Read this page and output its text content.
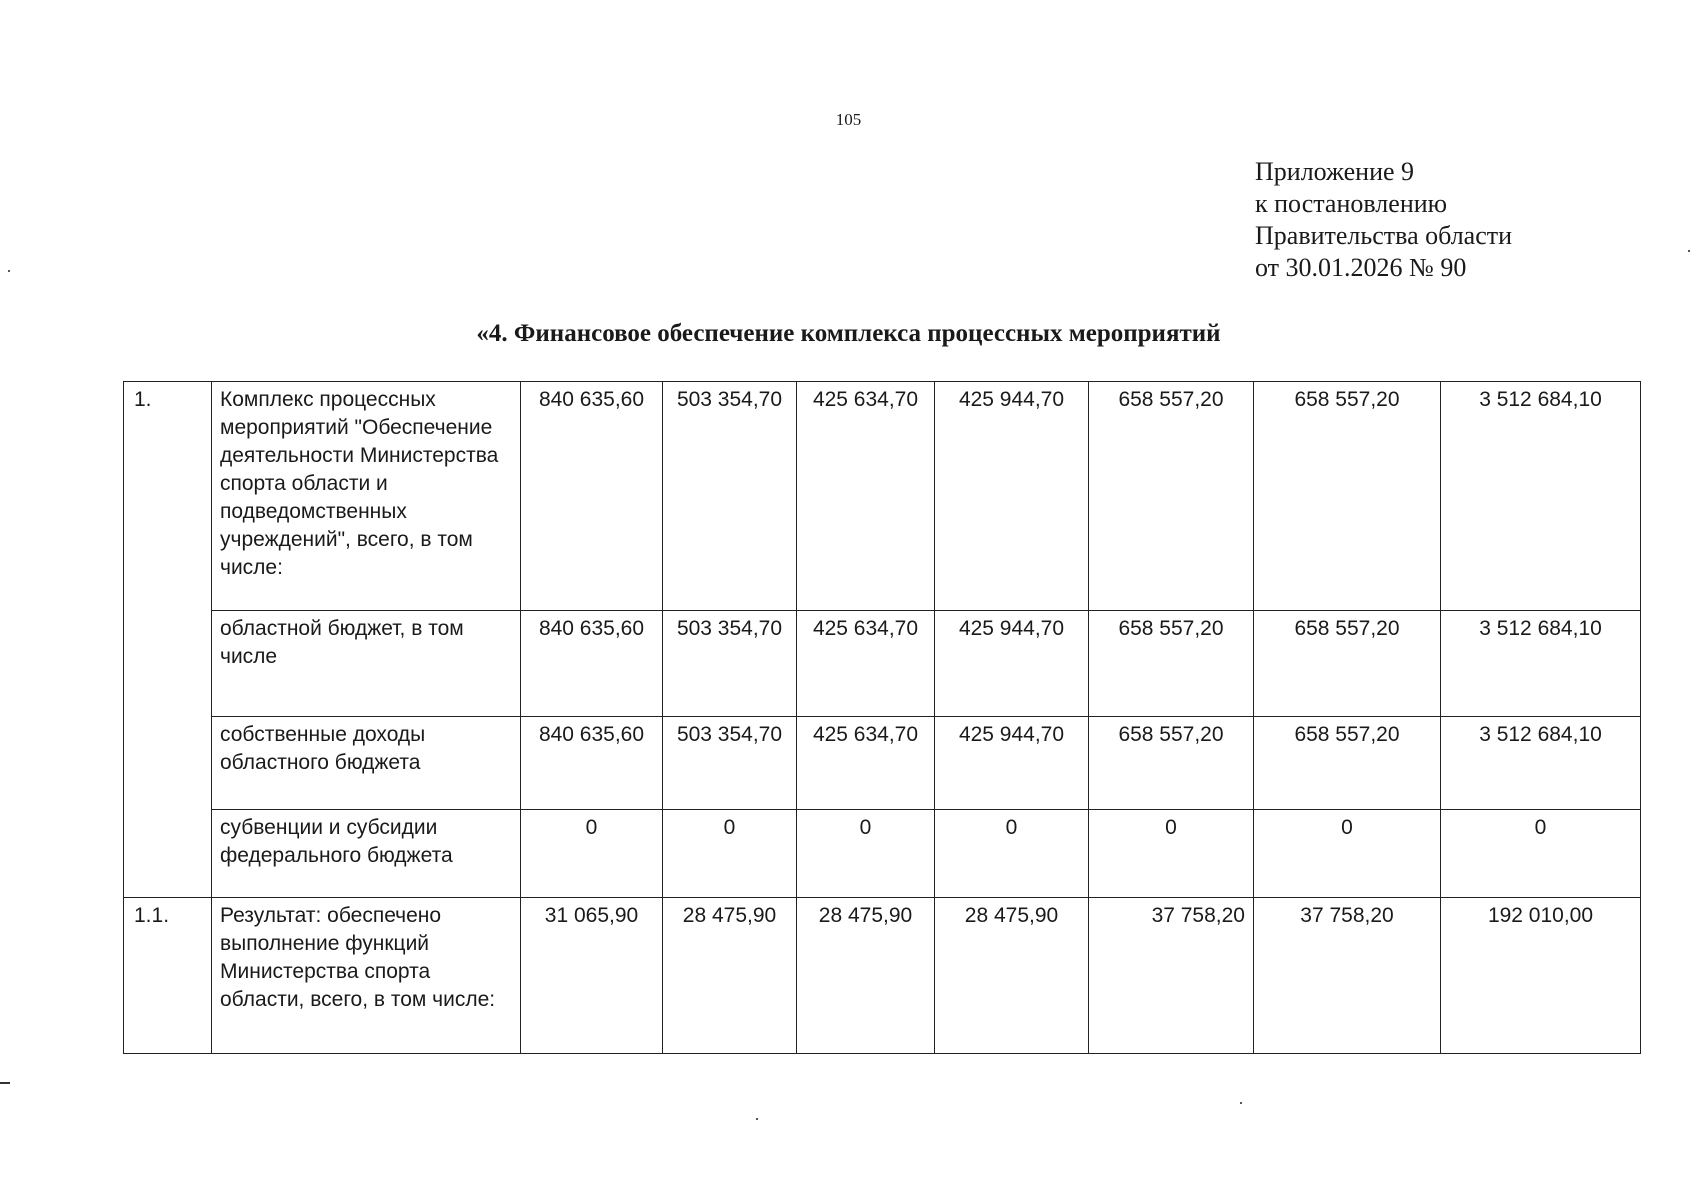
105
Приложение 9
к постановлению
Правительства области
от 30.01.2026 № 90
«4. Финансовое обеспечение комплекса процессных мероприятий
1.	Комплекс процессных мероприятий "Обеспечение деятельности Министерства спорта области и подведомственных учреждений", всего, в том числе:	840 635,60	503 354,70	425 634,70	425 944,70	658 557,20	658 557,20	3 512 684,10
	областной бюджет, в том числе	840 635,60	503 354,70	425 634,70	425 944,70	658 557,20	658 557,20	3 512 684,10
	собственные доходы областного бюджета	840 635,60	503 354,70	425 634,70	425 944,70	658 557,20	658 557,20	3 512 684,10
	субвенции и субсидии федерального бюджета	0	0	0	0	0	0	0
1.1.	Результат: обеспечено выполнение функций Министерства спорта области, всего, в том числе:	31 065,90	28 475,90	28 475,90	28 475,90	37 758,20	37 758,20	192 010,00
